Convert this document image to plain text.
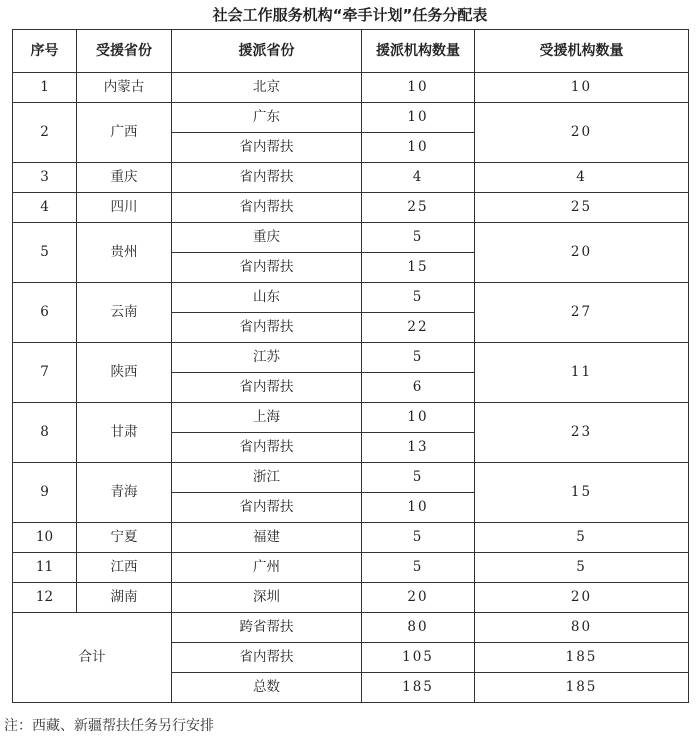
社会工作服务机构“牵手计划”任务分配表
序号	受援省份	援派省份	援派机构数量	受援机构数量
1	内蒙古	北京	10	10
2	广西	广东	10	20
		省内帮扶	10	
3	重庆	省内帮扶	4	4
4	四川	省内帮扶	25	25
5	贵州	重庆	5	20
		省内帮扶	15	
6	云南	山东	5	27
		省内帮扶	22	
7	陕西	江苏	5	11
		省内帮扶	6	
8	甘肃	上海	10	23
		省内帮扶	13	
9	青海	浙江	5	15
		省内帮扶	10	
10	宁夏	福建	5	5
11	江西	广州	5	5
12	湖南	深圳	20	20
合计		跨省帮扶	80	80
		省内帮扶	105	185
		总数	185	185
注：西藏、新疆帮扶任务另行安排
